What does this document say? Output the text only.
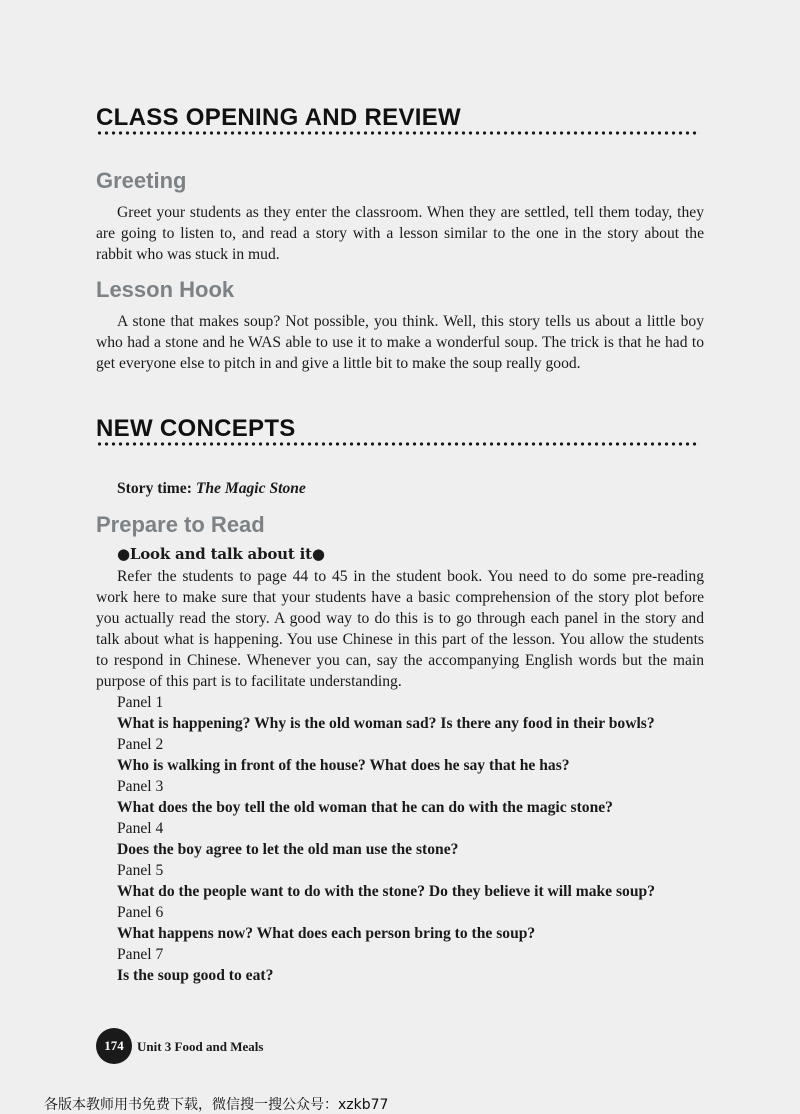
CLASS OPENING AND REVIEW
Greeting

Greet your students as they enter the classroom. When they are settled, tell them today, they are going to listen to, and read a story with a lesson similar to the one in the story about the rabbit who was stuck in mud.

Lesson Hook

A stone that makes soup? Not possible, you think. Well, this story tells us about a little boy who had a stone and he WAS able to use it to make a wonderful soup. The trick is that he had to get everyone else to pitch in and give a little bit to make the soup really good.

NEW CONCEPTS
Story time: The Magic Stone
Prepare to Read
●Look and talk about it●

Refer the students to page 44 to 45 in the student book. You need to do some pre-reading work here to make sure that your students have a basic comprehension of the story plot before you actually read the story. A good way to do this is to go through each panel in the story and talk about what is happening. You use Chinese in this part of the lesson. You allow the students to respond in Chinese. Whenever you can, say the accompanying English words but the main purpose of this part is to facilitate understanding.

Panel 1
What is happening? Why is the old woman sad? Is there any food in their bowls?
Panel 2
Who is walking in front of the house? What does he say that he has?
Panel 3
What does the boy tell the old woman that he can do with the magic stone?
Panel 4
Does the boy agree to let the old man use the stone?
Panel 5
What do the people want to do with the stone? Do they believe it will make soup?
Panel 6
What happens now? What does each person bring to the soup?
Panel 7
Is the soup good to eat?
174	Unit 3 Food and Meals
各版本教师用书免费下载，微信搜一搜公众号：xzkb77
